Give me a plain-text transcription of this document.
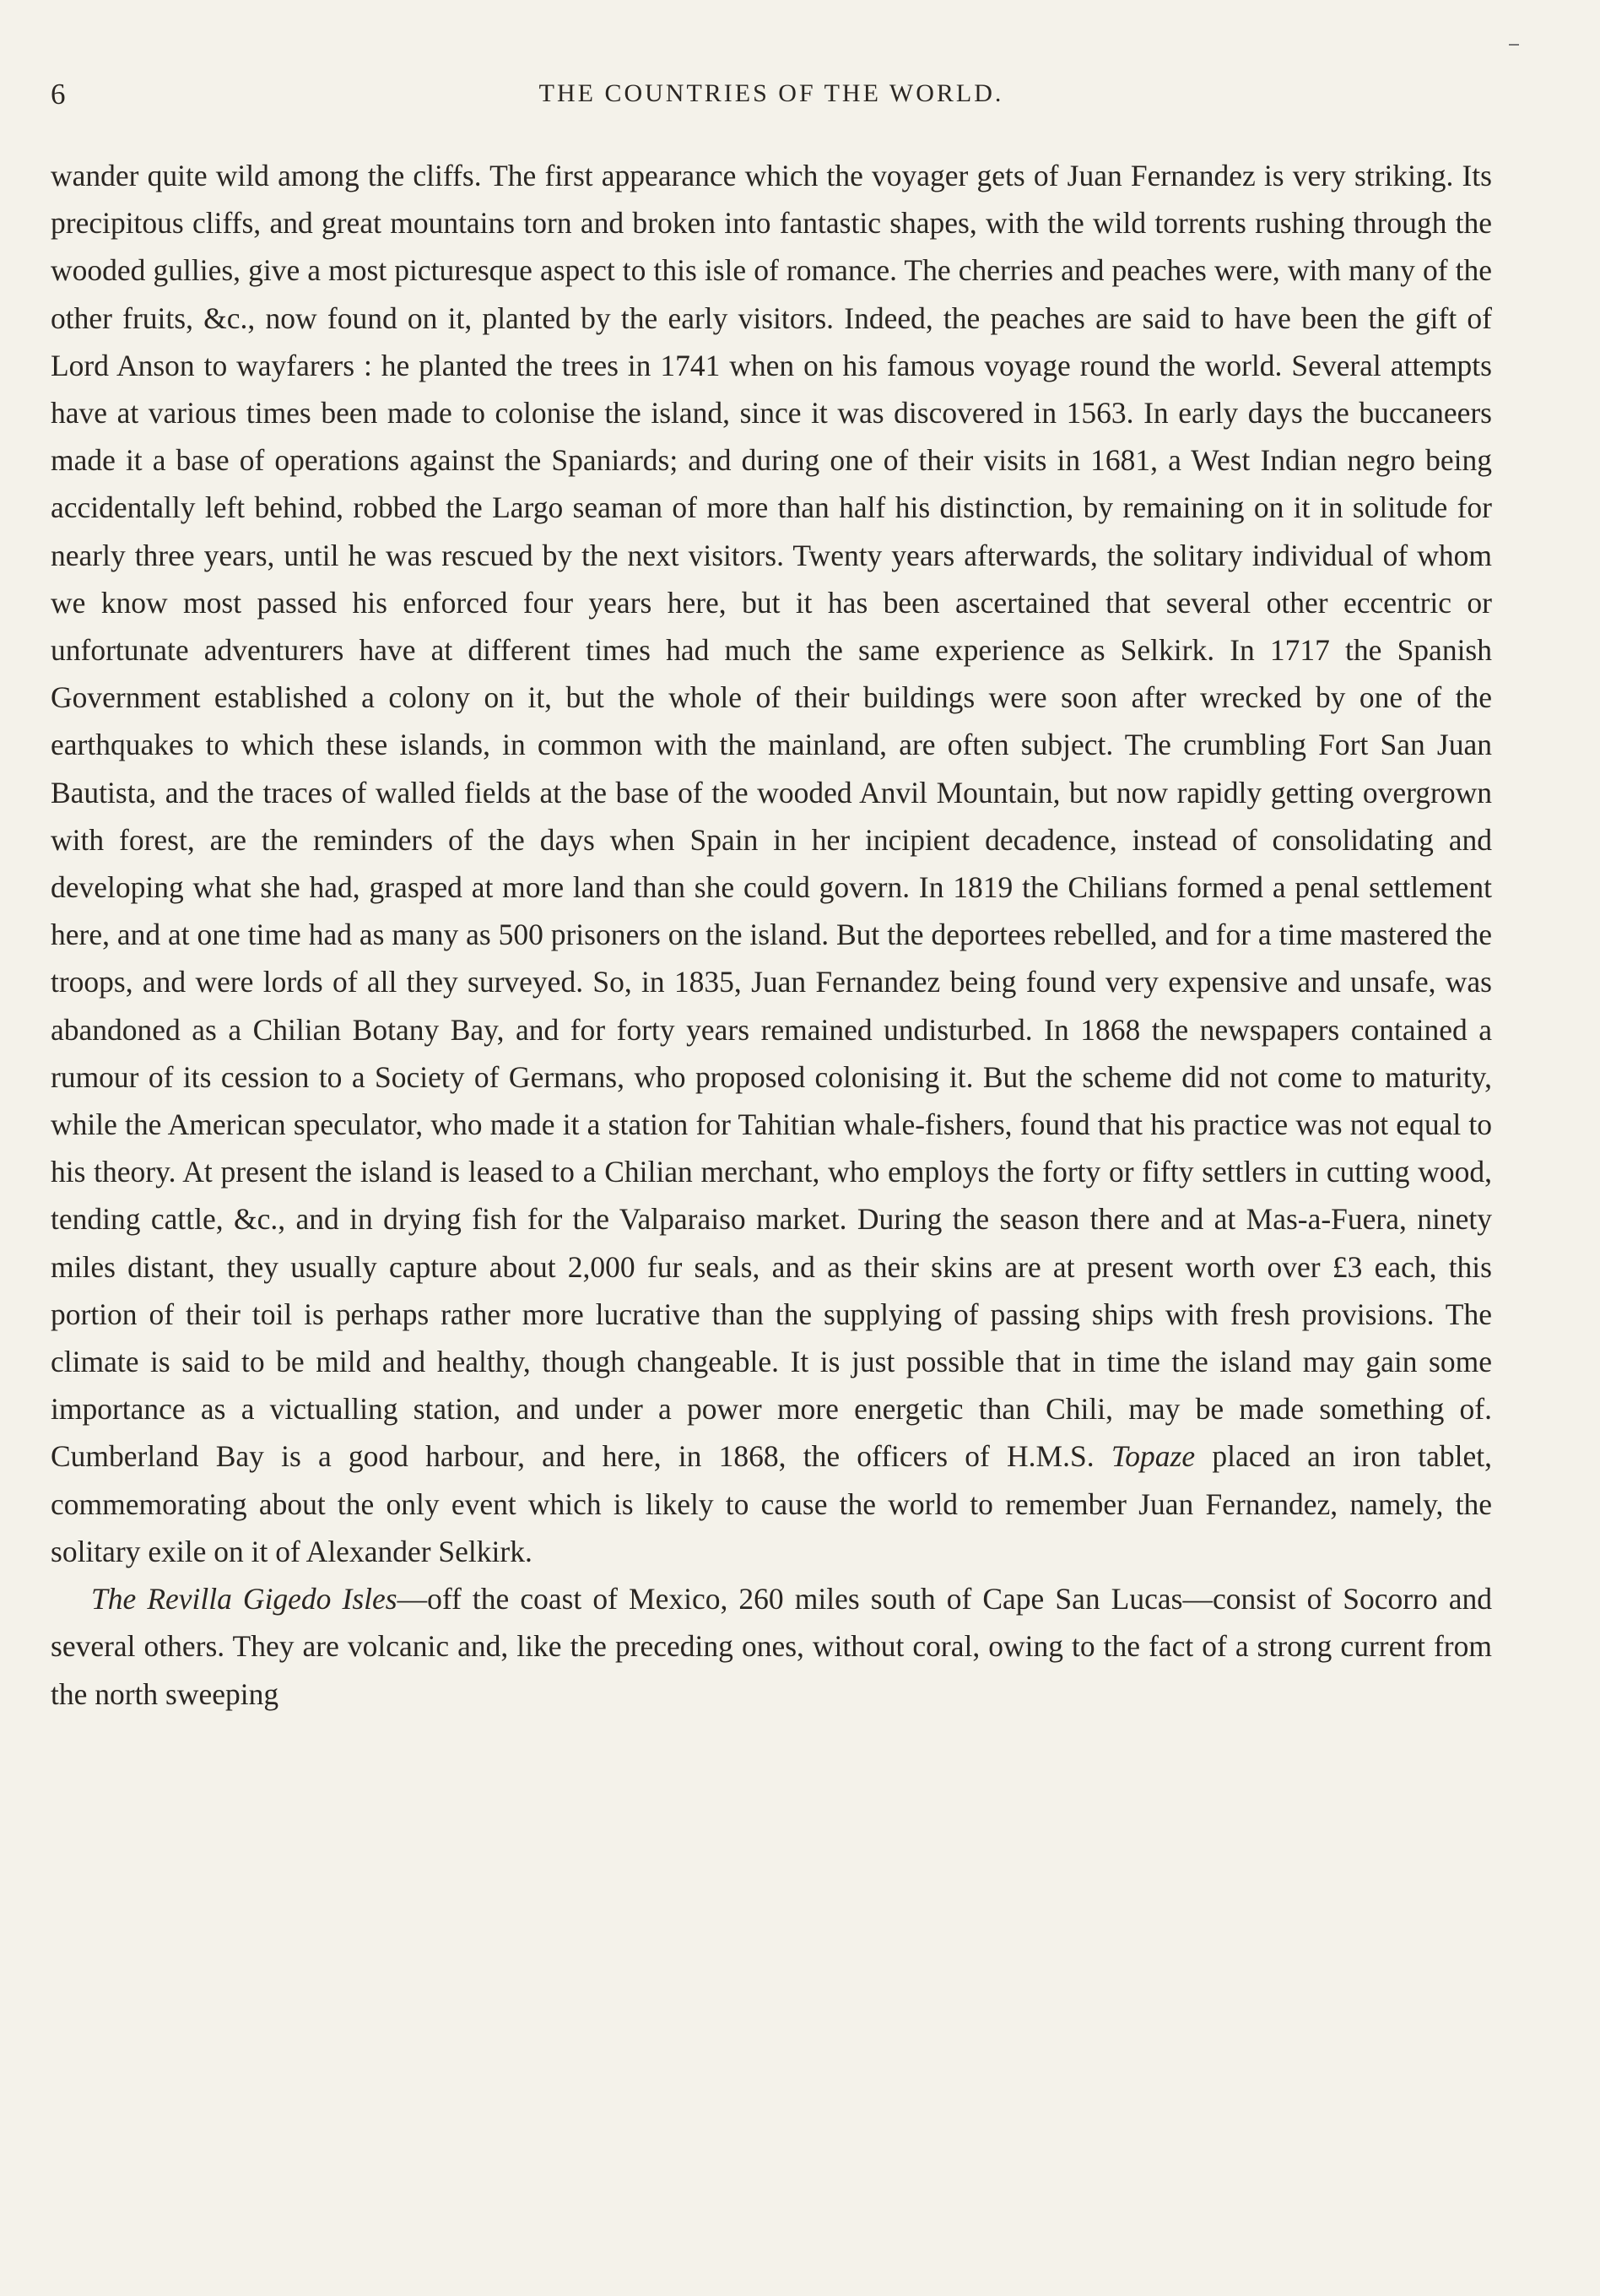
6	THE COUNTRIES OF THE WORLD.

wander quite wild among the cliffs. The first appearance which the voyager gets of Juan Fernandez is very striking. Its precipitous cliffs, and great mountains torn and broken into fantastic shapes, with the wild torrents rushing through the wooded gullies, give a most picturesque aspect to this isle of romance. The cherries and peaches were, with many of the other fruits, &c., now found on it, planted by the early visitors. Indeed, the peaches are said to have been the gift of Lord Anson to wayfarers : he planted the trees in 1741 when on his famous voyage round the world. Several attempts have at various times been made to colonise the island, since it was discovered in 1563. In early days the buccaneers made it a base of operations against the Spaniards; and during one of their visits in 1681, a West Indian negro being accidentally left behind, robbed the Largo seaman of more than half his distinction, by remaining on it in solitude for nearly three years, until he was rescued by the next visitors. Twenty years afterwards, the solitary individual of whom we know most passed his enforced four years here, but it has been ascertained that several other eccentric or unfortunate adventurers have at different times had much the same experience as Selkirk. In 1717 the Spanish Government established a colony on it, but the whole of their buildings were soon after wrecked by one of the earthquakes to which these islands, in common with the mainland, are often subject. The crumbling Fort San Juan Bautista, and the traces of walled fields at the base of the wooded Anvil Mountain, but now rapidly getting overgrown with forest, are the reminders of the days when Spain in her incipient decadence, instead of consolidating and developing what she had, grasped at more land than she could govern. In 1819 the Chilians formed a penal settlement here, and at one time had as many as 500 prisoners on the island. But the deportees rebelled, and for a time mastered the troops, and were lords of all they surveyed. So, in 1835, Juan Fernandez being found very expensive and unsafe, was abandoned as a Chilian Botany Bay, and for forty years remained undisturbed. In 1868 the newspapers contained a rumour of its cession to a Society of Germans, who proposed colonising it. But the scheme did not come to maturity, while the American speculator, who made it a station for Tahitian whale-fishers, found that his practice was not equal to his theory. At present the island is leased to a Chilian merchant, who employs the forty or fifty settlers in cutting wood, tending cattle, &c., and in drying fish for the Valparaiso market. During the season there and at Mas-a-Fuera, ninety miles distant, they usually capture about 2,000 fur seals, and as their skins are at present worth over £3 each, this portion of their toil is perhaps rather more lucrative than the supplying of passing ships with fresh provisions. The climate is said to be mild and healthy, though changeable. It is just possible that in time the island may gain some importance as a victualling station, and under a power more energetic than Chili, may be made something of. Cumberland Bay is a good harbour, and here, in 1868, the officers of H.M.S. Topaze placed an iron tablet, commemorating about the only event which is likely to cause the world to remember Juan Fernandez, namely, the solitary exile on it of Alexander Selkirk.

The Revilla Gigedo Isles—off the coast of Mexico, 260 miles south of Cape San Lucas—consist of Socorro and several others. They are volcanic and, like the preceding ones, without coral, owing to the fact of a strong current from the north sweeping
